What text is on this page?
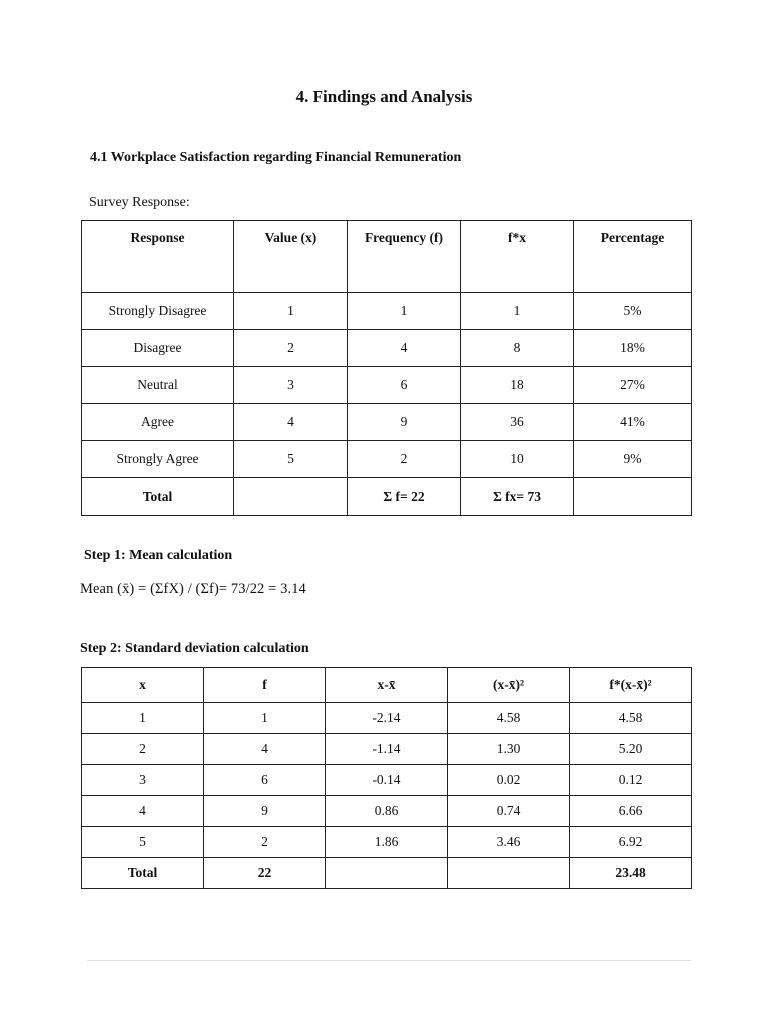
4. Findings and Analysis
4.1 Workplace Satisfaction regarding Financial Remuneration
Survey Response:
Response	Value (x)	Frequency (f)	f*x	Percentage
Strongly Disagree	1	1	1	5%
Disagree	2	4	8	18%
Neutral	3	6	18	27%
Agree	4	9	36	41%
Strongly Agree	5	2	10	9%
Total		Σ f= 22	Σ fx= 73	
Step 1: Mean calculation
Mean (x̄) = (ΣfX) / (Σf)= 73/22 = 3.14
Step 2: Standard deviation calculation
x	f	x-x̄	(x-x̄)²	f*(x-x̄)²
1	1	-2.14	4.58	4.58
2	4	-1.14	1.30	5.20
3	6	-0.14	0.02	0.12
4	9	0.86	0.74	6.66
5	2	1.86	3.46	6.92
Total	22			23.48
